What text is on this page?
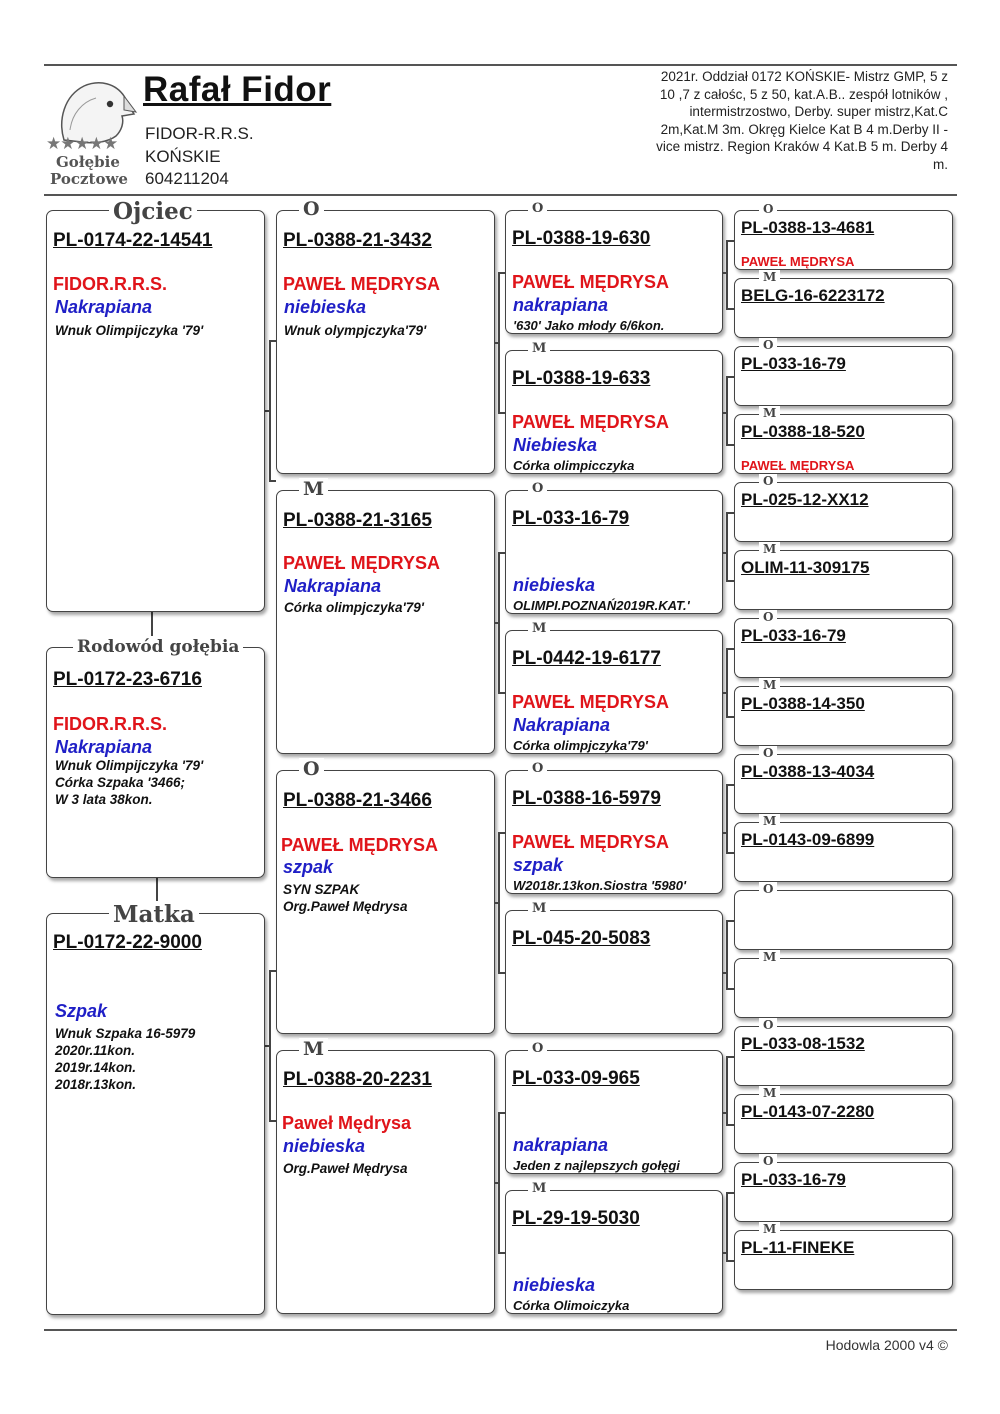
★★★★★
Gołębie
Pocztowe
Rafał Fidor
FIDOR-R.R.S.
KOŃSKIE
604211204
2021r. Oddział 0172 KOŃSKIE- Mistrz GMP, 5 z
10 ,7 z całośc, 5 z 50, kat.A.B.. zespół lotników ,
intermistrzostwo, Derby. super mistrz,Kat.C
2m,Kat.M 3m. Okręg Kielce Kat B 4 m.Derby II -
vice mistrz. Region Kraków 4 Kat.B 5 m. Derby 4
m.
Ojciec
PL-0174-22-14541
FIDOR.R.R.S.
Nakrapiana
Wnuk Olimpijczyka '79'
Rodowód gołębia
PL-0172-23-6716
FIDOR.R.R.S.
Nakrapiana
Wnuk Olimpijczyka '79'
Córka Szpaka '3466;
W 3 lata 38kon.
Matka
PL-0172-22-9000
Szpak
Wnuk Szpaka 16-5979
2020r.11kon.
2019r.14kon.
2018r.13kon.
O
PL-0388-21-3432
PAWEŁ MĘDRYSA
niebieska
Wnuk olympjczyka'79'
M
PL-0388-21-3165
PAWEŁ MĘDRYSA
Nakrapiana
Córka olimpjczyka'79'
O
PL-0388-21-3466
PAWEŁ MĘDRYSA
szpak
SYN SZPAK
Org.Paweł Mędrysa
M
PL-0388-20-2231
Paweł Mędrysa
niebieska
Org.Paweł Mędrysa
O
PL-0388-19-630
PAWEŁ MĘDRYSA
nakrapiana
'630' Jako młody 6/6kon.
M
PL-0388-19-633
PAWEŁ MĘDRYSA
Niebieska
Córka olimpicczyka
O
PL-033-16-79
niebieska
OLIMPI.POZNAŃ2019R.KAT.'
M
PL-0442-19-6177
PAWEŁ MĘDRYSA
Nakrapiana
Córka olimpjczyka'79'
O
PL-0388-16-5979
PAWEŁ MĘDRYSA
szpak
W2018r.13kon.Siostra '5980'
M
PL-045-20-5083
O
PL-033-09-965
nakrapiana
Jeden z najlepszych gołęgi
M
PL-29-19-5030
niebieska
Córka Olimoiczyka
O
PL-0388-13-4681
PAWEŁ MĘDRYSA
M
BELG-16-6223172
O
PL-033-16-79
M
PL-0388-18-520
PAWEŁ MĘDRYSA
O
PL-025-12-XX12
M
OLIM-11-309175
O
PL-033-16-79
M
PL-0388-14-350
O
PL-0388-13-4034
M
PL-0143-09-6899
O
M
O
PL-033-08-1532
M
PL-0143-07-2280
O
PL-033-16-79
M
PL-11-FINEKE
Hodowla 2000 v4 ©
